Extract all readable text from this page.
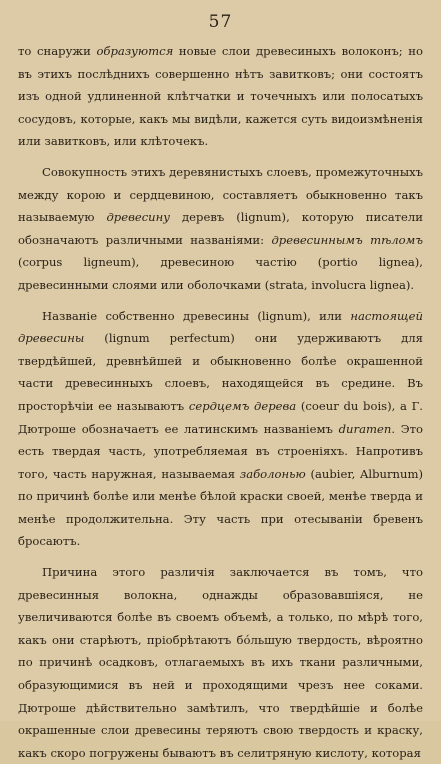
57

то снаружи образуются новые слои древесиныхъ волоконъ; но въ этихъ послѣднихъ совершенно нѣтъ завитковъ; они состоятъ изъ одной удлиненной клѣтчатки и точечныхъ или полосатыхъ сосудовъ, которые, какъ мы видѣли, кажется суть видоизмѣненія или завитковъ, или клѣточекъ.

Совокупность этихъ деревянистыхъ слоевъ, промежуточныхъ между корою и сердцевиною, составляетъ обыкновенно такъ называемую древесину деревъ (lignum), которую писатели обозначаютъ различными названіями: древесиннымъ тѣломъ (corpus ligneum), древесиною частію (portio lignea), древесинными слоями или оболочками (strata, involucra lignea).

Названіе собственно древесины (lignum), или настоящей древесины (lignum perfectum) они удерживаютъ для твердѣйшей, древнѣйшей и обыкновенно болѣе окрашенной части древесинныхъ слоевъ, находящейся въ средине. Въ просторѣчіи ее называютъ сердцемъ дерева (coeur du bois), а Г. Дютроше обозначаетъ ее латинскимъ названіемъ duramen. Это есть твердая часть, употребляемая въ строеніяхъ. Напротивъ того, часть наружная, называемая заболонью (aubier, Alburnum) по причинѣ болѣе или менѣе бѣлой краски своей, менѣе тверда и менѣе продолжительна. Эту часть при отесываніи бревенъ бросаютъ.

Причина этого различія заключается въ томъ, что древесинныя волокна, однажды образовавшіяся, не увеличиваются болѣе въ своемъ объемѣ, а только, по мѣрѣ того, какъ они старѣютъ, пріобрѣтаютъ бóльшую твердость, вѣроятно по причинѣ осадковъ, отлагаемыхъ въ ихъ ткани различными, образующимися въ ней и проходящими чрезъ нее соками. Дютроше дѣйствительно замѣтилъ, что твердѣйшіе и болѣе окрашенные слои древесины теряютъ свою твердость и краску, какъ скоро погружены бываютъ въ селитряную кислоту, которая
